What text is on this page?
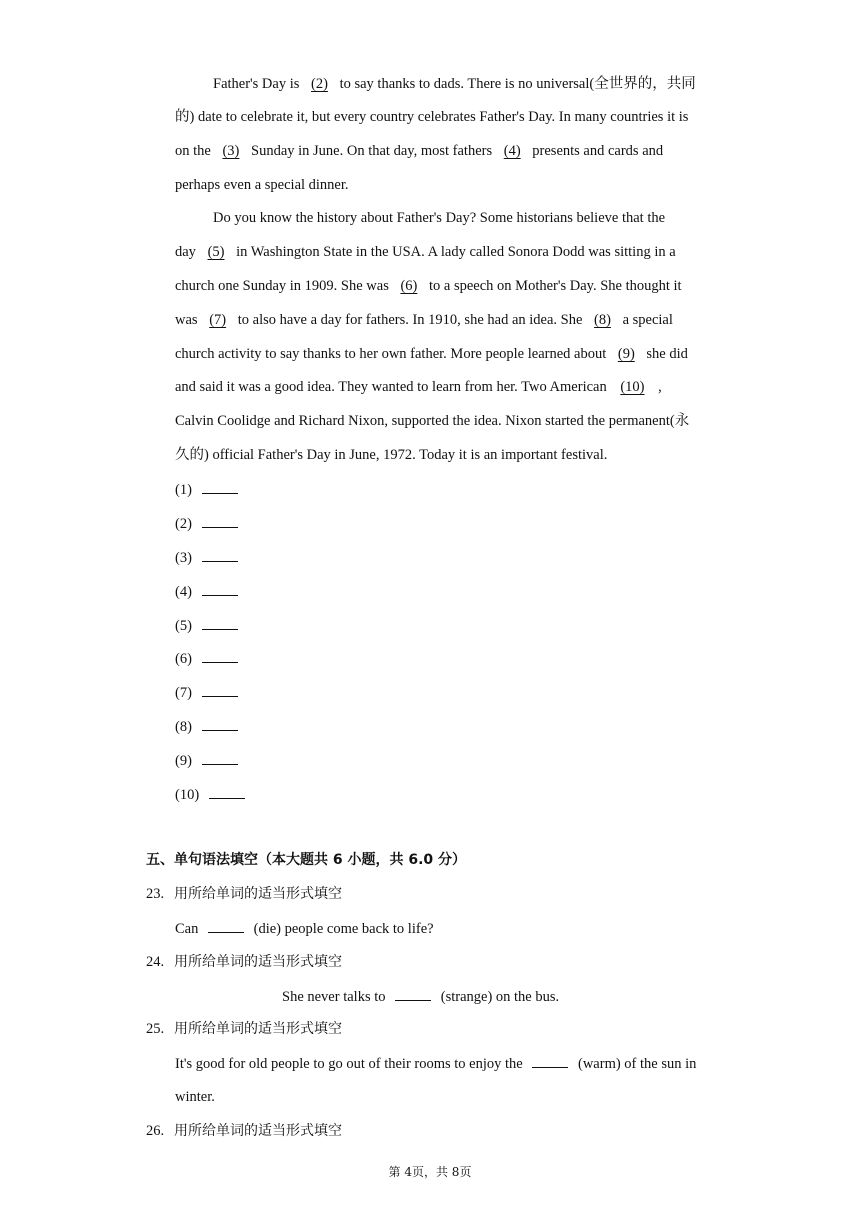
Father's Day is (2) to say thanks to dads. There is no universal(全世界的，共同
的) date to celebrate it, but every country celebrates Father's Day. In many countries it is
on the (3) Sunday in June. On that day, most fathers (4) presents and cards and
perhaps even a special dinner.
Do you know the history about Father's Day? Some historians believe that the
day (5) in Washington State in the USA. A lady called Sonora Dodd was sitting in a
church one Sunday in 1909. She was (6) to a speech on Mother's Day. She thought it
was (7) to also have a day for fathers. In 1910, she had an idea. She (8) a special
church activity to say thanks to her own father. More people learned about (9) she did
and said it was a good idea. They wanted to learn from her. Two American (10) ,
Calvin Coolidge and Richard Nixon, supported the idea. Nixon started the permanent(永
久的) official Father's Day in June, 1972. Today it is an important festival.
(1)
(2)
(3)
(4)
(5)
(6)
(7)
(8)
(9)
(10)
五、单句语法填空（本大题共 6 小题，共 6.0 分）
23. 用所给单词的适当形式填空
Can	(die) people come back to life?
24. 用所给单词的适当形式填空
She never talks to	(strange) on the bus.
25. 用所给单词的适当形式填空
It's good for old people to go out of their rooms to enjoy the	(warm) of the sun in
winter.
26. 用所给单词的适当形式填空
第 4页，共 8页
